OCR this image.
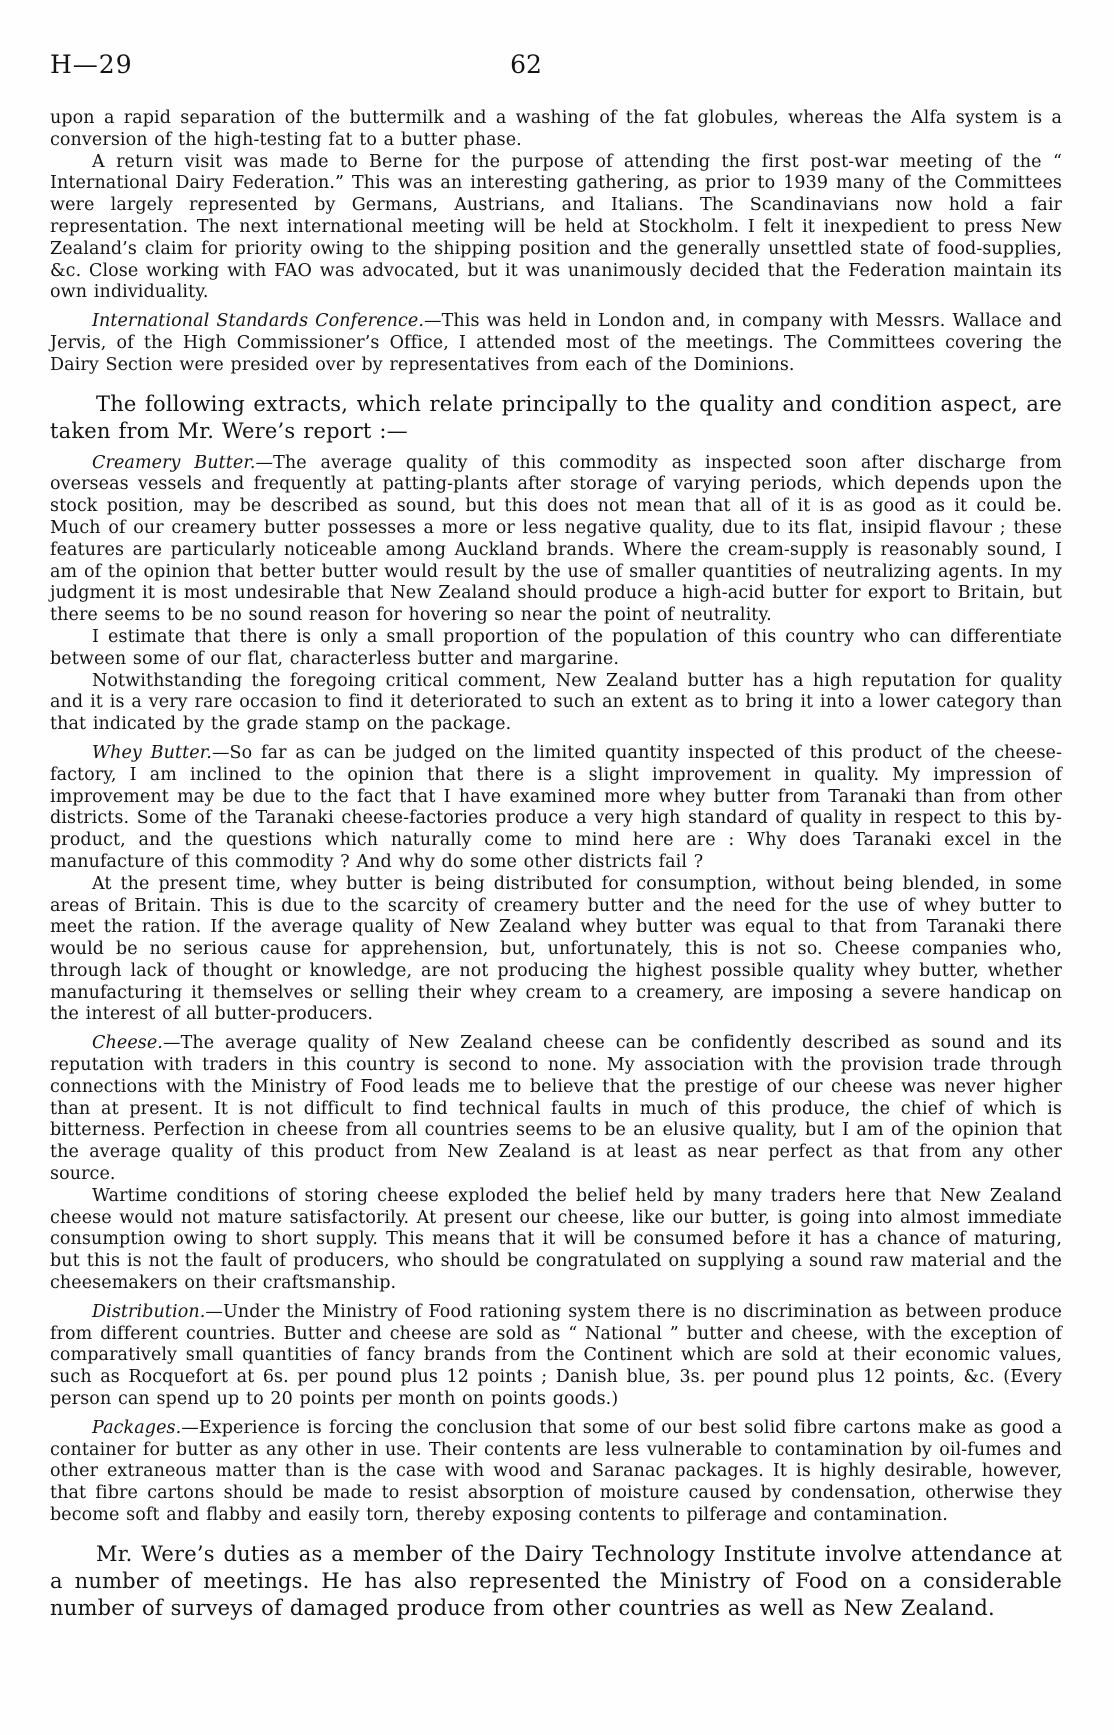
H—29	62

upon a rapid separation of the buttermilk and a washing of the fat globules, whereas the Alfa system is a conversion of the high-testing fat to a butter phase.

A return visit was made to Berne for the purpose of attending the first post-war meeting of the “ International Dairy Federation.” This was an interesting gathering, as prior to 1939 many of the Committees were largely represented by Germans, Austrians, and Italians. The Scandinavians now hold a fair representation. The next international meeting will be held at Stockholm. I felt it inexpedient to press New Zealand’s claim for priority owing to the shipping position and the generally unsettled state of food-supplies, &c. Close working with FAO was advocated, but it was unanimously decided that the Federation maintain its own individuality.

International Standards Conference.—This was held in London and, in company with Messrs. Wallace and Jervis, of the High Commissioner’s Office, I attended most of the meetings. The Committees covering the Dairy Section were presided over by representatives from each of the Dominions.

The following extracts, which relate principally to the quality and condition aspect, are taken from Mr. Were’s report :—

Creamery Butter.—The average quality of this commodity as inspected soon after discharge from overseas vessels and frequently at patting-plants after storage of varying periods, which depends upon the stock position, may be described as sound, but this does not mean that all of it is as good as it could be. Much of our creamery butter possesses a more or less negative quality, due to its flat, insipid flavour ; these features are particularly noticeable among Auckland brands. Where the cream-supply is reasonably sound, I am of the opinion that better butter would result by the use of smaller quantities of neutralizing agents. In my judgment it is most undesirable that New Zealand should produce a high-acid butter for export to Britain, but there seems to be no sound reason for hovering so near the point of neutrality.

I estimate that there is only a small proportion of the population of this country who can differentiate between some of our flat, characterless butter and margarine.

Notwithstanding the foregoing critical comment, New Zealand butter has a high reputation for quality and it is a very rare occasion to find it deteriorated to such an extent as to bring it into a lower category than that indicated by the grade stamp on the package.

Whey Butter.—So far as can be judged on the limited quantity inspected of this product of the cheese-factory, I am inclined to the opinion that there is a slight improvement in quality. My impression of improvement may be due to the fact that I have examined more whey butter from Taranaki than from other districts. Some of the Taranaki cheese-factories produce a very high standard of quality in respect to this by-product, and the questions which naturally come to mind here are : Why does Taranaki excel in the manufacture of this commodity ? And why do some other districts fail ?

At the present time, whey butter is being distributed for consumption, without being blended, in some areas of Britain. This is due to the scarcity of creamery butter and the need for the use of whey butter to meet the ration. If the average quality of New Zealand whey butter was equal to that from Taranaki there would be no serious cause for apprehension, but, unfortunately, this is not so. Cheese companies who, through lack of thought or knowledge, are not producing the highest possible quality whey butter, whether manufacturing it themselves or selling their whey cream to a creamery, are imposing a severe handicap on the interest of all butter-producers.

Cheese.—The average quality of New Zealand cheese can be confidently described as sound and its reputation with traders in this country is second to none. My association with the provision trade through connections with the Ministry of Food leads me to believe that the prestige of our cheese was never higher than at present. It is not difficult to find technical faults in much of this produce, the chief of which is bitterness. Perfection in cheese from all countries seems to be an elusive quality, but I am of the opinion that the average quality of this product from New Zealand is at least as near perfect as that from any other source.

Wartime conditions of storing cheese exploded the belief held by many traders here that New Zealand cheese would not mature satisfactorily. At present our cheese, like our butter, is going into almost immediate consumption owing to short supply. This means that it will be consumed before it has a chance of maturing, but this is not the fault of producers, who should be congratulated on supplying a sound raw material and the cheesemakers on their craftsmanship.

Distribution.—Under the Ministry of Food rationing system there is no discrimination as between produce from different countries. Butter and cheese are sold as “ National ” butter and cheese, with the exception of comparatively small quantities of fancy brands from the Continent which are sold at their economic values, such as Rocquefort at 6s. per pound plus 12 points ; Danish blue, 3s. per pound plus 12 points, &c. (Every person can spend up to 20 points per month on points goods.)

Packages.—Experience is forcing the conclusion that some of our best solid fibre cartons make as good a container for butter as any other in use. Their contents are less vulnerable to contamination by oil-fumes and other extraneous matter than is the case with wood and Saranac packages. It is highly desirable, however, that fibre cartons should be made to resist absorption of moisture caused by condensation, otherwise they become soft and flabby and easily torn, thereby exposing contents to pilferage and contamination.

Mr. Were’s duties as a member of the Dairy Technology Institute involve attendance at a number of meetings. He has also represented the Ministry of Food on a considerable number of surveys of damaged produce from other countries as well as New Zealand.
